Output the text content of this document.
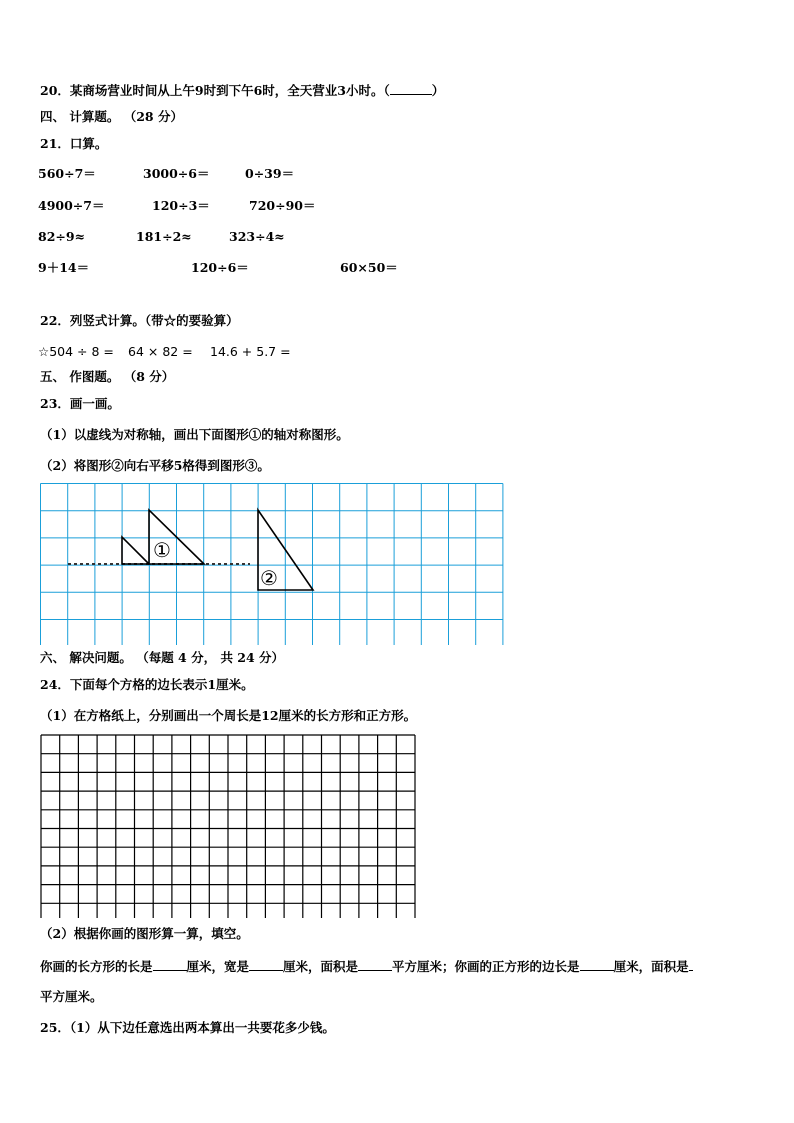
20．某商场营业时间从上午9时到下午6时，全天营业3小时。（	）
四、 计算题。 （28 分）
21．口算。
560÷7＝	3000÷6＝	0÷39＝
4900÷7＝	120÷3＝	720÷90＝
82÷9≈	181÷2≈	323÷4≈
9＋14＝	120÷6＝	60×50＝
22．列竖式计算。（带☆的要验算）
☆504 ÷ 8 = 64 × 82 = 14.6 + 5.7 =
五、 作图题。 （8 分）
23．画一画。
（1）以虚线为对称轴，画出下面图形①的轴对称图形。
（2）将图形②向右平移5格得到图形③。
①
②
六、 解决问题。 （每题 4 分， 共 24 分）
24．下面每个方格的边长表示1厘米。
（1）在方格纸上，分别画出一个周长是12厘米的长方形和正方形。
（2）根据你画的图形算一算，填空。
你画的长方形的长是	厘米，宽是	厘米，面积是	平方厘米；你画的正方形的边长是	厘米，面积是
平方厘米。
25．（1）从下边任意选出两本算出一共要花多少钱。
